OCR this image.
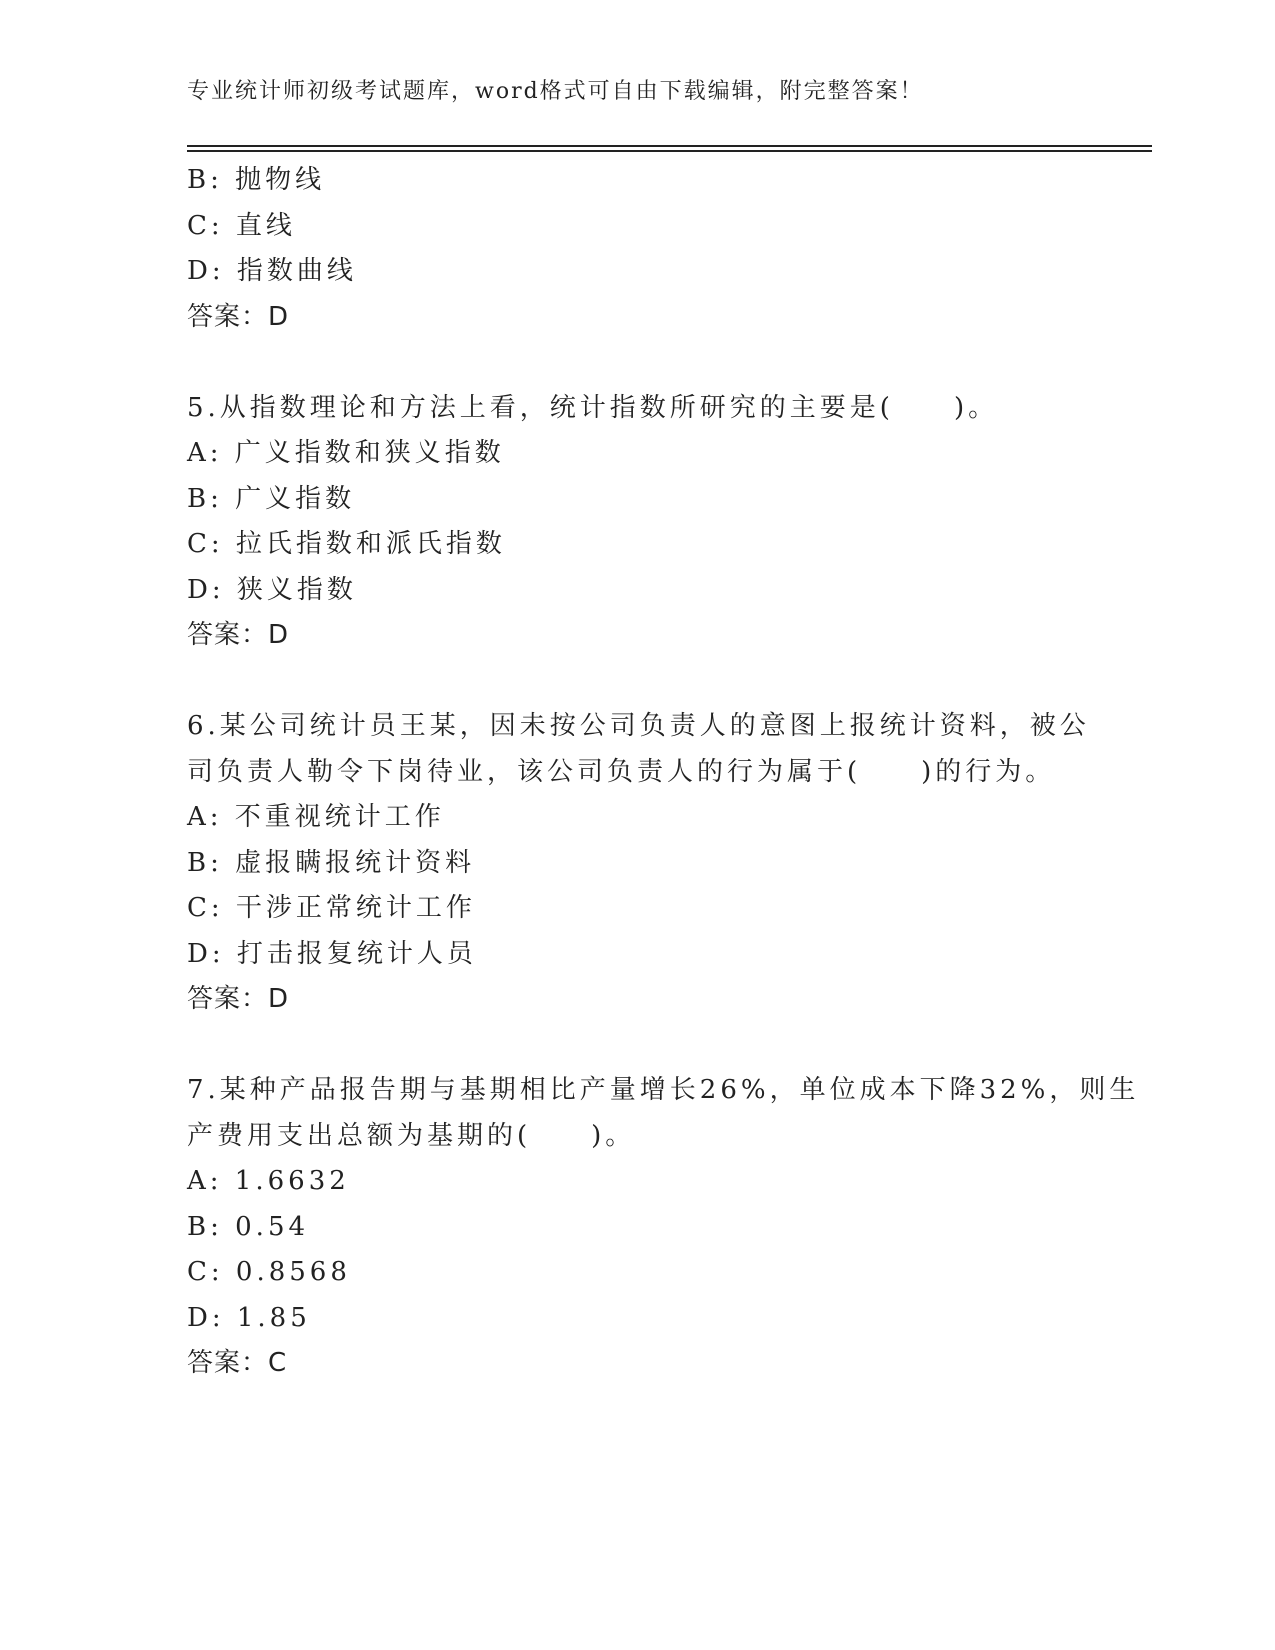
专业统计师初级考试题库，word格式可自由下载编辑，附完整答案！
B: 抛物线
C: 直线
D: 指数曲线
答案：D
5.从指数理论和方法上看，统计指数所研究的主要是(　　)。
A: 广义指数和狭义指数
B: 广义指数
C: 拉氏指数和派氏指数
D: 狭义指数
答案：D
6.某公司统计员王某，因未按公司负责人的意图上报统计资料，被公
司负责人勒令下岗待业，该公司负责人的行为属于(　　)的行为。
A: 不重视统计工作
B: 虚报瞒报统计资料
C: 干涉正常统计工作
D: 打击报复统计人员
答案：D
7.某种产品报告期与基期相比产量增长26%，单位成本下降32%，则生
产费用支出总额为基期的(　　)。
A: 1.6632
B: 0.54
C: 0.8568
D: 1.85
答案：C
